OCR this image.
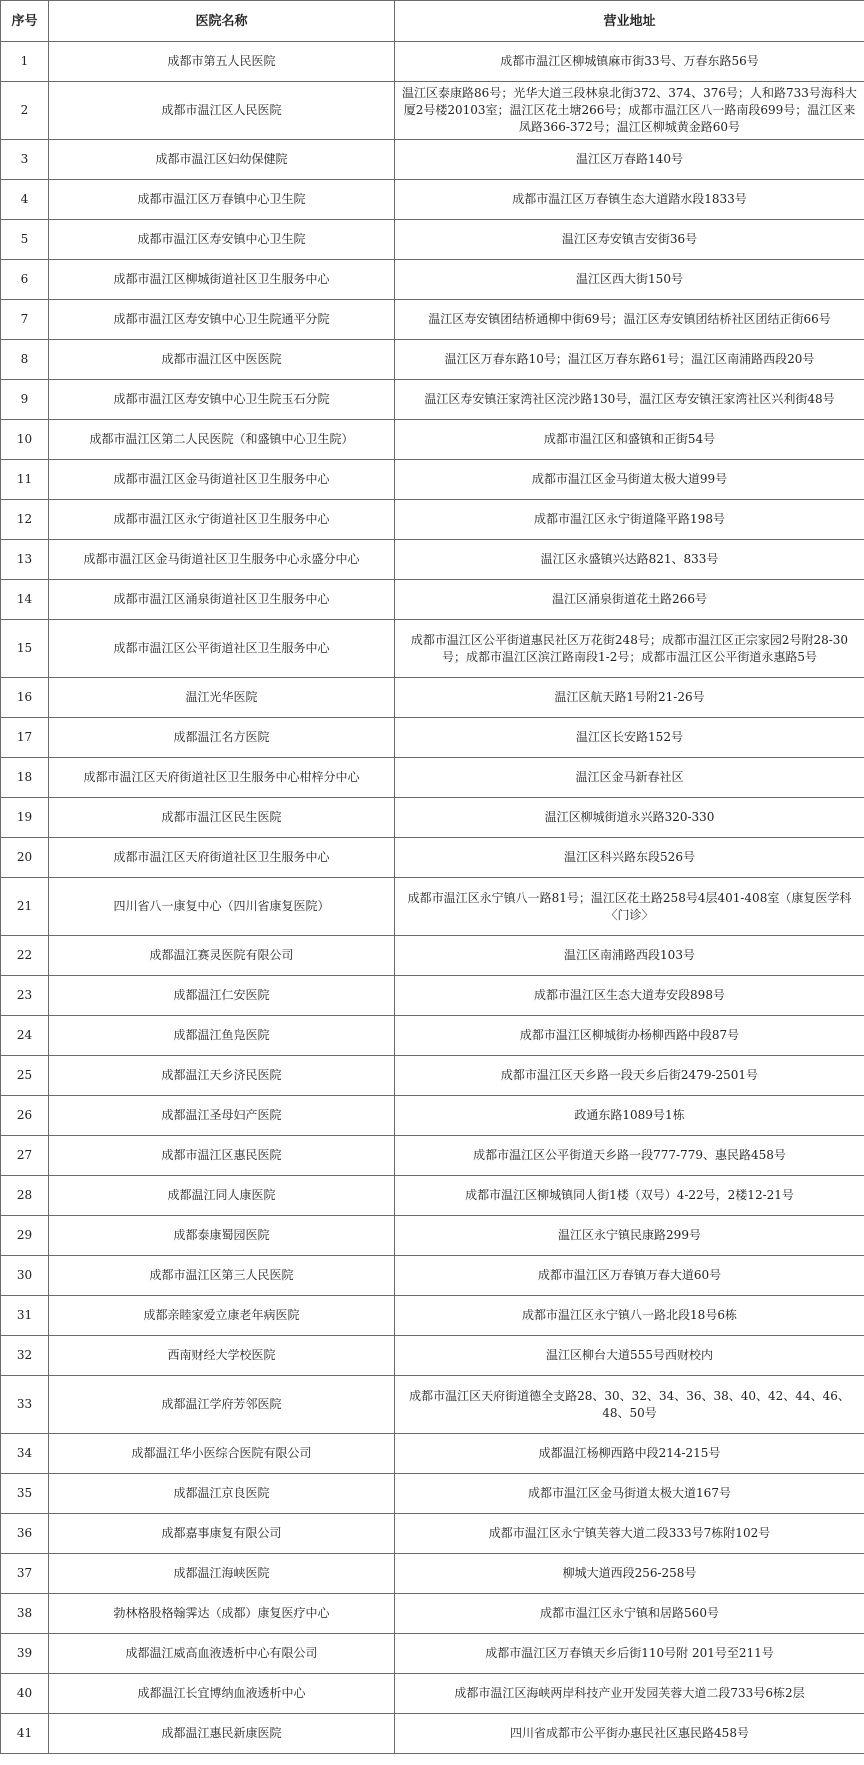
序号	医院名称	营业地址
1	成都市第五人民医院	成都市温江区柳城镇麻市街33号、万春东路56号
2	成都市温江区人民医院	温江区泰康路86号；光华大道三段林泉北街372、374、376号；人和路733号海科大厦2号楼20103室；温江区花土塘266号；成都市温江区八一路南段699号；温江区来凤路366-372号；温江区柳城黄金路60号
3	成都市温江区妇幼保健院	温江区万春路140号
4	成都市温江区万春镇中心卫生院	成都市温江区万春镇生态大道踏水段1833号
5	成都市温江区寿安镇中心卫生院	温江区寿安镇吉安街36号
6	成都市温江区柳城街道社区卫生服务中心	温江区西大街150号
7	成都市温江区寿安镇中心卫生院通平分院	温江区寿安镇团结桥通柳中街69号；温江区寿安镇团结桥社区团结正街66号
8	成都市温江区中医医院	温江区万春东路10号；温江区万春东路61号；温江区南浦路西段20号
9	成都市温江区寿安镇中心卫生院玉石分院	温江区寿安镇汪家湾社区浣沙路130号，温江区寿安镇汪家湾社区兴利街48号
10	成都市温江区第二人民医院（和盛镇中心卫生院）	成都市温江区和盛镇和正街54号
11	成都市温江区金马街道社区卫生服务中心	成都市温江区金马街道太极大道99号
12	成都市温江区永宁街道社区卫生服务中心	成都市温江区永宁街道隆平路198号
13	成都市温江区金马街道社区卫生服务中心永盛分中心	温江区永盛镇兴达路821、833号
14	成都市温江区涌泉街道社区卫生服务中心	温江区涌泉街道花土路266号
15	成都市温江区公平街道社区卫生服务中心	成都市温江区公平街道惠民社区万花街248号；成都市温江区正宗家园2号附28-30号；成都市温江区滨江路南段1-2号；成都市温江区公平街道永惠路5号
16	温江光华医院	温江区航天路1号附21-26号
17	成都温江名方医院	温江区长安路152号
18	成都市温江区天府街道社区卫生服务中心柑梓分中心	温江区金马新春社区
19	成都市温江区民生医院	温江区柳城街道永兴路320-330
20	成都市温江区天府街道社区卫生服务中心	温江区科兴路东段526号
21	四川省八一康复中心（四川省康复医院）	成都市温江区永宁镇八一路81号；温江区花土路258号4层401-408室（康复医学科〈门诊〉
22	成都温江赛灵医院有限公司	温江区南浦路西段103号
23	成都温江仁安医院	成都市温江区生态大道寿安段898号
24	成都温江鱼凫医院	成都市温江区柳城街办杨柳西路中段87号
25	成都温江天乡济民医院	成都市温江区天乡路一段天乡后街2479-2501号
26	成都温江圣母妇产医院	政通东路1089号1栋
27	成都市温江区惠民医院	成都市温江区公平街道天乡路一段777-779、惠民路458号
28	成都温江同人康医院	成都市温江区柳城镇同人街1楼（双号）4-22号，2楼12-21号
29	成都泰康蜀园医院	温江区永宁镇民康路299号
30	成都市温江区第三人民医院	成都市温江区万春镇万春大道60号
31	成都亲睦家爱立康老年病医院	成都市温江区永宁镇八一路北段18号6栋
32	西南财经大学校医院	温江区柳台大道555号西财校内
33	成都温江学府芳邻医院	成都市温江区天府街道德全支路28、30、32、34、36、38、40、42、44、46、48、50号
34	成都温江华小医综合医院有限公司	成都温江杨柳西路中段214-215号
35	成都温江京良医院	成都市温江区金马街道太极大道167号
36	成都嘉事康复有限公司	成都市温江区永宁镇芙蓉大道二段333号7栋附102号
37	成都温江海峡医院	柳城大道西段256-258号
38	勃林格股格翰霁达（成都）康复医疗中心	成都市温江区永宁镇和居路560号
39	成都温江威高血液透析中心有限公司	成都市温江区万春镇天乡后街110号附 201号至211号
40	成都温江长宜博纳血液透析中心	成都市温江区海峡两岸科技产业开发园芙蓉大道二段733号6栋2层
41	成都温江惠民新康医院	四川省成都市公平街办惠民社区惠民路458号
